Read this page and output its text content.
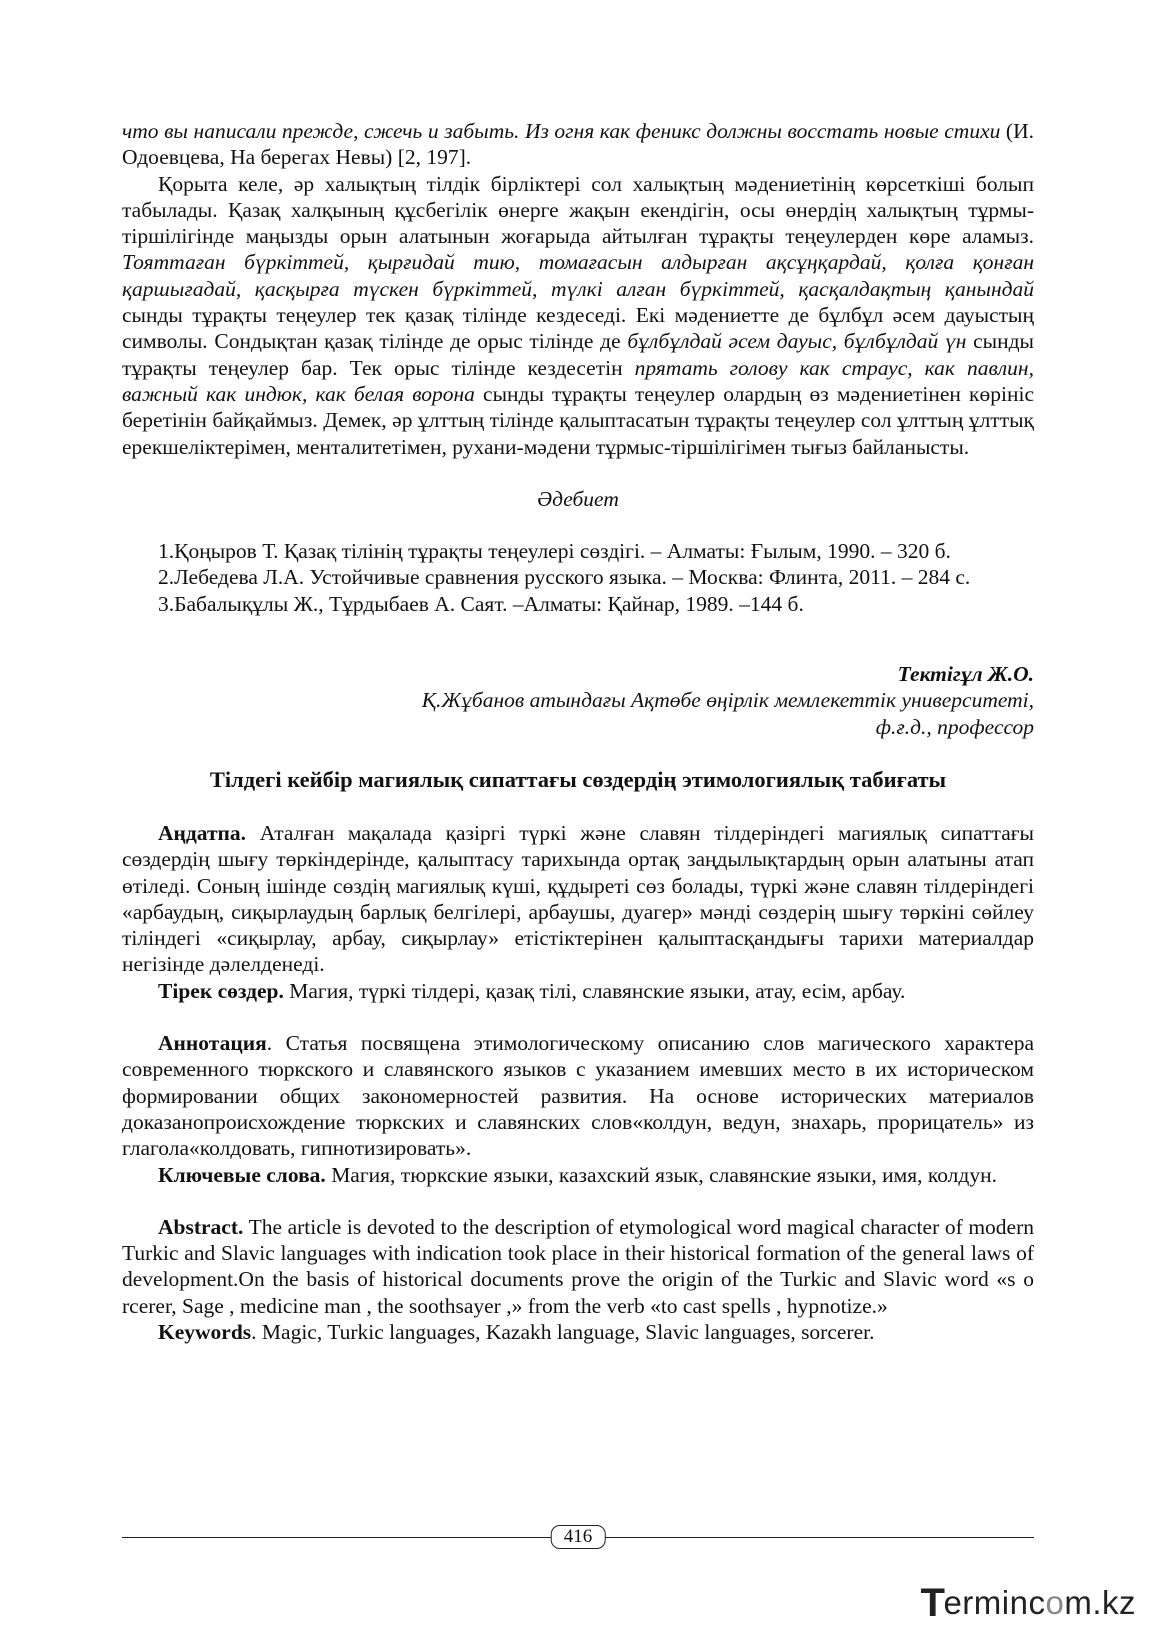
что вы написали прежде, сжечь и забыть. Из огня как феникс должны восстать новые стихи (И. Одоевцева, На берегах Невы) [2, 197].

Қорыта келе, әр халықтың тілдік бірліктері сол халықтың мәдениетінің көрсеткіші болып табылады. Қазақ халқының құсбегілік өнерге жақын екендігін, осы өнердің халықтың тұрмы-тіршілігінде маңызды орын алатынын жоғарыда айтылған тұрақты теңеулерден көре аламыз. Тояттаған бүркіттей, қырғидай тию, томағасын алдырған ақсұңқардай, қолға қонған қаршығадай, қасқырға түскен бүркіттей, түлкі алған бүркіттей, қасқалдақтың қанындай сынды тұрақты теңеулер тек қазақ тілінде кездеседі. Екі мәдениетте де бұлбұл әсем дауыстың символы. Сондықтан қазақ тілінде де орыс тілінде де бұлбұлдай әсем дауыс, бұлбұлдай үн сынды тұрақты теңеулер бар. Тек орыс тілінде кездесетін прятать голову как страус, как павлин, важный как индюк, как белая ворона сынды тұрақты теңеулер олардың өз мәдениетінен көрініс беретінін байқаймыз. Демек, әр ұлттың тілінде қалыптасатын тұрақты теңеулер сол ұлттың ұлттық ерекшеліктерімен, менталитетімен, рухани-мәдени тұрмыс-тіршілігімен тығыз байланысты.

Әдебиет

1.Қоңыров Т. Қазақ тілінің тұрақты теңеулері сөздігі. – Алматы: Ғылым, 1990. – 320 б.

2.Лебедева Л.А. Устойчивые сравнения русского языка. – Москва: Флинта, 2011. – 284 с.

3.Бабалықұлы Ж., Тұрдыбаев А. Саят. –Алматы: Қайнар, 1989. –144 б.

Тектігұл Ж.О.

Қ.Жұбанов атындағы Ақтөбе өңірлік мемлекеттік университеті,

ф.ғ.д., профессор

Тілдегі кейбір магиялық сипаттағы сөздердің этимологиялық табиғаты

Аңдатпа. Аталған мақалада қазіргі түркі және славян тілдеріндегі магиялық сипаттағы сөздердің шығу төркіндерінде, қалыптасу тарихында ортақ заңдылықтардың орын алатыны атап өтіледі. Соның ішінде сөздің магиялық күші, құдыреті сөз болады, түркі және славян тілдеріндегі «арбаудың, сиқырлаудың барлық белгілері, арбаушы, дуагер» мәнді сөздерің шығу төркіні сөйлеу тіліндегі «сиқырлау, арбау, сиқырлау» етістіктерінен қалыптасқандығы тарихи материалдар негізінде дәлелденеді.

Тірек сөздер. Магия, түркі тілдері, қазақ тілі, славянские языки, атау, есім, арбау.

Аннотация. Статья посвящена этимологическому описанию слов магического характера современного тюркского и славянского языков с указанием имевших место в их историческом формировании общих закономерностей развития. На основе исторических материалов доказанопроисхождение тюркских и славянских слов«колдун, ведун, знахарь, прорицатель» из глагола«колдовать, гипнотизировать».

Ключевые слова. Магия, тюркские языки, казахский язык, славянские языки, имя, колдун.

Abstract. The article is devoted to the description of etymological word magical character of modern Turkic and Slavic languages with indication took place in their historical formation of the general laws of development.On the basis of historical documents prove the origin of the Turkic and Slavic word «s o rcerer, Sage , medicine man , the soothsayer ,» from the verb «to cast spells , hypnotize.»

Keywords. Magic, Turkic languages, Kazakh language, Slavic languages, sorcerer.

416
T
erminc o m.kz
